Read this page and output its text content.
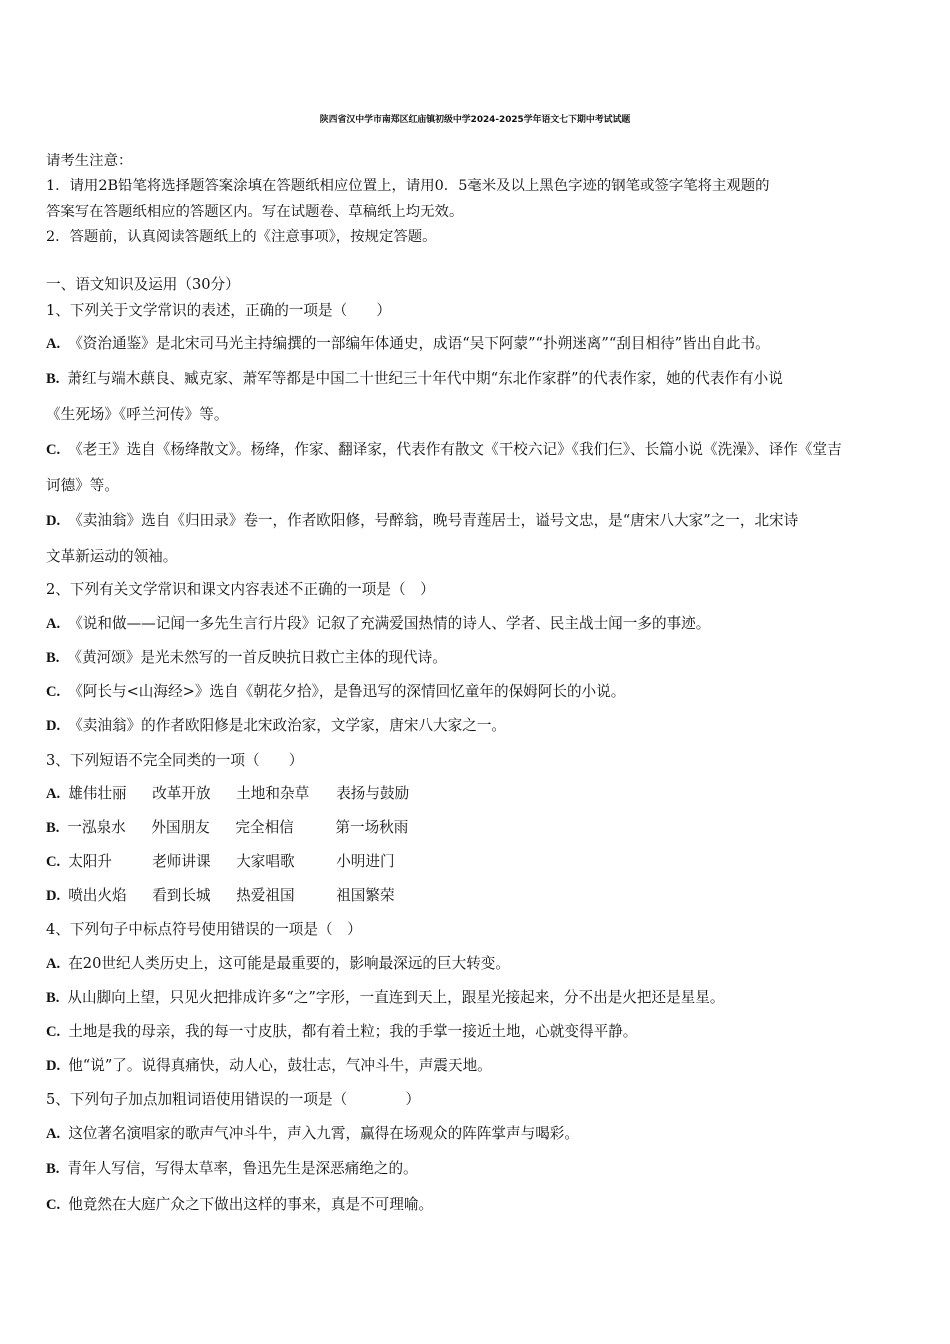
陕西省汉中学市南郑区红庙镇初级中学2024-2025学年语文七下期中考试试题
请考生注意：
1．请用2B铅笔将选择题答案涂填在答题纸相应位置上，请用0．5毫米及以上黑色字迹的钢笔或签字笔将主观题的
答案写在答题纸相应的答题区内。写在试题卷、草稿纸上均无效。
2．答题前，认真阅读答题纸上的《注意事项》，按规定答题。
一、语文知识及运用（30分）
1、下列关于文学常识的表述，正确的一项是（　　）
A. 《资治通鉴》是北宋司马光主持编撰的一部编年体通史，成语“吴下阿蒙”“扑朔迷离”“刮目相待”皆出自此书。
B. 萧红与端木蕻良、臧克家、萧军等都是中国二十世纪三十年代中期“东北作家群”的代表作家，她的代表作有小说
《生死场》《呼兰河传》等。
C. 《老王》选自《杨绛散文》。杨绛，作家、翻译家，代表作有散文《干校六记》《我们仨》、长篇小说《洗澡》、译作《堂吉
诃德》等。
D. 《卖油翁》选自《归田录》卷一，作者欧阳修，号醉翁，晚号青莲居士，谥号文忠，是“唐宋八大家”之一，北宋诗
文革新运动的领袖。
2、下列有关文学常识和课文内容表述不正确的一项是（　）
A. 《说和做——记闻一多先生言行片段》记叙了充满爱国热情的诗人、学者、民主战士闻一多的事迹。
B. 《黄河颂》是光未然写的一首反映抗日救亡主体的现代诗。
C. 《阿长与<山海经>》选自《朝花夕拾》，是鲁迅写的深情回忆童年的保姆阿长的小说。
D. 《卖油翁》的作者欧阳修是北宋政治家，文学家，唐宋八大家之一。
3、下列短语不完全同类的一项（　　）
A. 雄伟壮丽 改革开放 土地和杂草 表扬与鼓励
B. 一泓泉水 外国朋友 完全相信	第一场秋雨
C. 太阳升	老师讲课 大家唱歌	小明进门
D. 喷出火焰 看到长城 热爱祖国	祖国繁荣
4、下列句子中标点符号使用错误的一项是（　）
A. 在20世纪人类历史上，这可能是最重要的，影响最深远的巨大转变。
B. 从山脚向上望，只见火把排成许多“之”字形，一直连到天上，跟星光接起来，分不出是火把还是星星。
C. 土地是我的母亲，我的每一寸皮肤，都有着土粒；我的手掌一接近土地，心就变得平静。
D. 他“说”了。说得真痛快，动人心，鼓壮志，气冲斗牛，声震天地。
5、下列句子加点加粗词语使用错误的一项是（　　　　）
A. 这位著名演唱家的歌声气冲斗牛，声入九霄，赢得在场观众的阵阵掌声与喝彩。
B. 青年人写信，写得太草率，鲁迅先生是深恶痛绝之的。
C. 他竟然在大庭广众之下做出这样的事来，真是不可理喻。
